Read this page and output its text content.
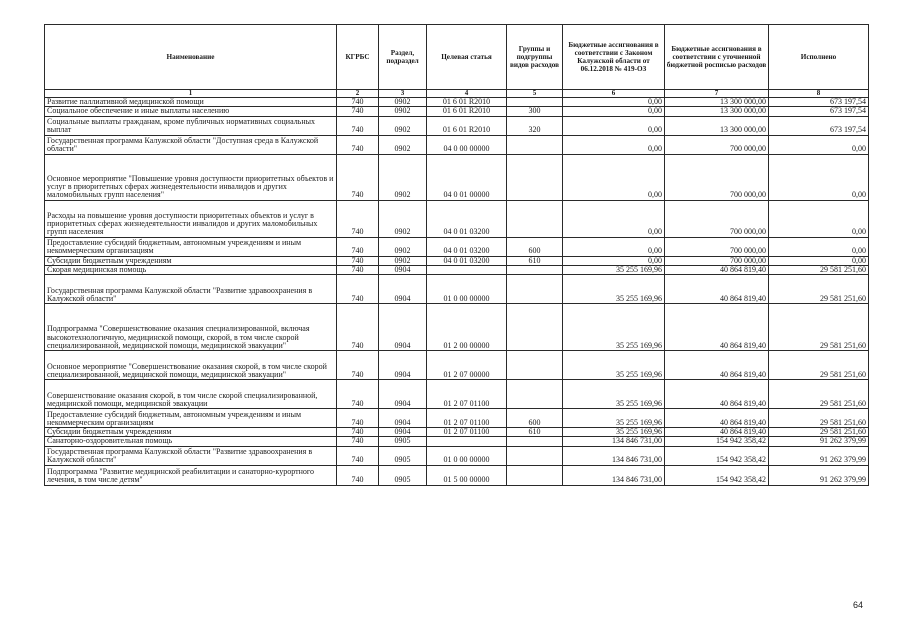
Наименование	КГРБС	Раздел, подраздел	Целевая статья	Группы и подгруппы видов расходов	Бюджетные ассигнования в соответствии с Законом Калужской области от 06.12.2018 № 419-ОЗ	Бюджетные ассигнования в соответствии с уточненной бюджетной росписью расходов	Исполнено
1	2	3	4	5	6	7	8
Развитие паллиативной медицинской помощи	740	0902	01 6 01 R2010		0,00	13 300 000,00	673 197,54
Социальное обеспечение и иные выплаты населению	740	0902	01 6 01 R2010	300	0,00	13 300 000,00	673 197,54
Социальные выплаты гражданам, кроме публичных нормативных социальных выплат	740	0902	01 6 01 R2010	320	0,00	13 300 000,00	673 197,54
Государственная программа Калужской области "Доступная среда в Калужской области"	740	0902	04 0 00 00000		0,00	700 000,00	0,00
Основное мероприятие "Повышение уровня доступности приоритетных объектов и услуг в приоритетных сферах жизнедеятельности инвалидов и других маломобильных групп населения"	740	0902	04 0 01 00000		0,00	700 000,00	0,00
Расходы на повышение уровня доступности приоритетных объектов и услуг в приоритетных сферах жизнедеятельности инвалидов и других маломобильных групп населения	740	0902	04 0 01 03200		0,00	700 000,00	0,00
Предоставление субсидий бюджетным, автономным учреждениям и иным некоммерческим организациям	740	0902	04 0 01 03200	600	0,00	700 000,00	0,00
Субсидии бюджетным учреждениям	740	0902	04 0 01 03200	610	0,00	700 000,00	0,00
Скорая медицинская помощь	740	0904			35 255 169,96	40 864 819,40	29 581 251,60
Государственная программа Калужской области "Развитие здравоохранения в Калужской области"	740	0904	01 0 00 00000		35 255 169,96	40 864 819,40	29 581 251,60
Подпрограмма "Совершенствование оказания специализированной, включая высокотехнологичную, медицинской помощи, скорой, в том числе скорой специализированной, медицинской помощи, медицинской эвакуации"	740	0904	01 2 00 00000		35 255 169,96	40 864 819,40	29 581 251,60
Основное мероприятие "Совершенствование оказания скорой, в том числе скорой специализированной, медицинской помощи, медицинской эвакуации"	740	0904	01 2 07 00000		35 255 169,96	40 864 819,40	29 581 251,60
Совершенствование оказания скорой, в том числе скорой специализированной, медицинской помощи, медицинской эвакуации	740	0904	01 2 07 01100		35 255 169,96	40 864 819,40	29 581 251,60
Предоставление субсидий бюджетным, автономным учреждениям и иным некоммерческим организациям	740	0904	01 2 07 01100	600	35 255 169,96	40 864 819,40	29 581 251,60
Субсидии бюджетным учреждениям	740	0904	01 2 07 01100	610	35 255 169,96	40 864 819,40	29 581 251,60
Санаторно-оздоровительная помощь	740	0905			134 846 731,00	154 942 358,42	91 262 379,99
Государственная программа Калужской области "Развитие здравоохранения в Калужской области"	740	0905	01 0 00 00000		134 846 731,00	154 942 358,42	91 262 379,99
Подпрограмма "Развитие медицинской реабилитации и санаторно-курортного лечения, в том числе детям"	740	0905	01 5 00 00000		134 846 731,00	154 942 358,42	91 262 379,99
64
